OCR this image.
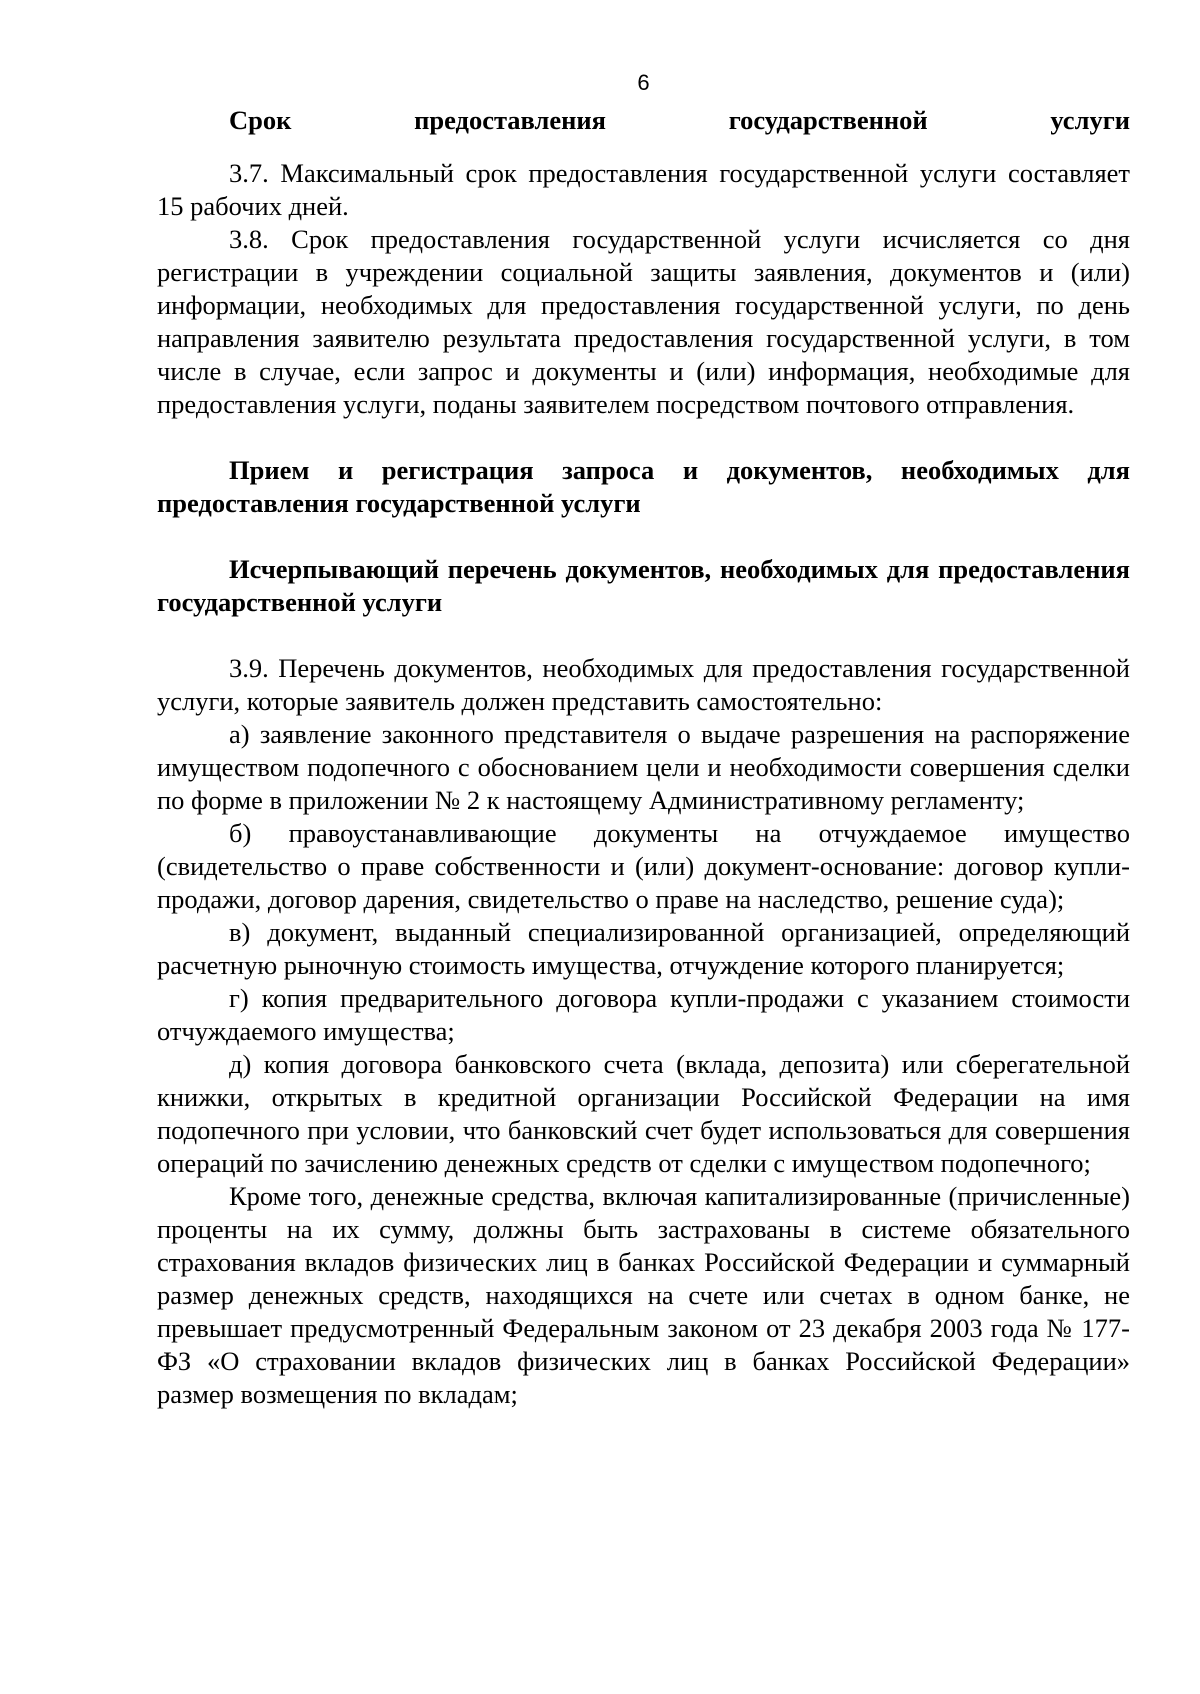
6
Срок предоставления государственной услуги

3.7. Максимальный срок предоставления государственной услуги составляет 15 рабочих дней.

3.8. Срок предоставления государственной услуги исчисляется со дня регистрации в учреждении социальной защиты заявления, документов и (или) информации, необходимых для предоставления государственной услуги, по день направления заявителю результата предоставления государственной услуги, в том числе в случае, если запрос и документы и (или) информация, необходимые для предоставления услуги, поданы заявителем посредством почтового отправления.

Прием и регистрация запроса и документов, необходимых для предоставления государственной услуги
Исчерпывающий перечень документов, необходимых для предоставления государственной услуги

3.9. Перечень документов, необходимых для предоставления государственной услуги, которые заявитель должен представить самостоятельно:

а) заявление законного представителя о выдаче разрешения на распоряжение имуществом подопечного с обоснованием цели и необходимости совершения сделки по форме в приложении № 2 к настоящему Административному регламенту;

б) правоустанавливающие документы на отчуждаемое имущество (свидетельство о праве собственности и (или) документ-основание: договор купли-продажи, договор дарения, свидетельство о праве на наследство, решение суда);

в) документ, выданный специализированной организацией, определяющий расчетную рыночную стоимость имущества, отчуждение которого планируется;

г) копия предварительного договора купли-продажи с указанием стоимости отчуждаемого имущества;

д) копия договора банковского счета (вклада, депозита) или сберегательной книжки, открытых в кредитной организации Российской Федерации на имя подопечного при условии, что банковский счет будет использоваться для совершения операций по зачислению денежных средств от сделки с имуществом подопечного;

Кроме того, денежные средства, включая капитализированные (причисленные) проценты на их сумму, должны быть застрахованы в системе обязательного страхования вкладов физических лиц в банках Российской Федерации и суммарный размер денежных средств, находящихся на счете или счетах в одном банке, не превышает предусмотренный Федеральным законом от 23 декабря 2003 года № 177-ФЗ «О страховании вкладов физических лиц в банках Российской Федерации» размер возмещения по вкладам;
